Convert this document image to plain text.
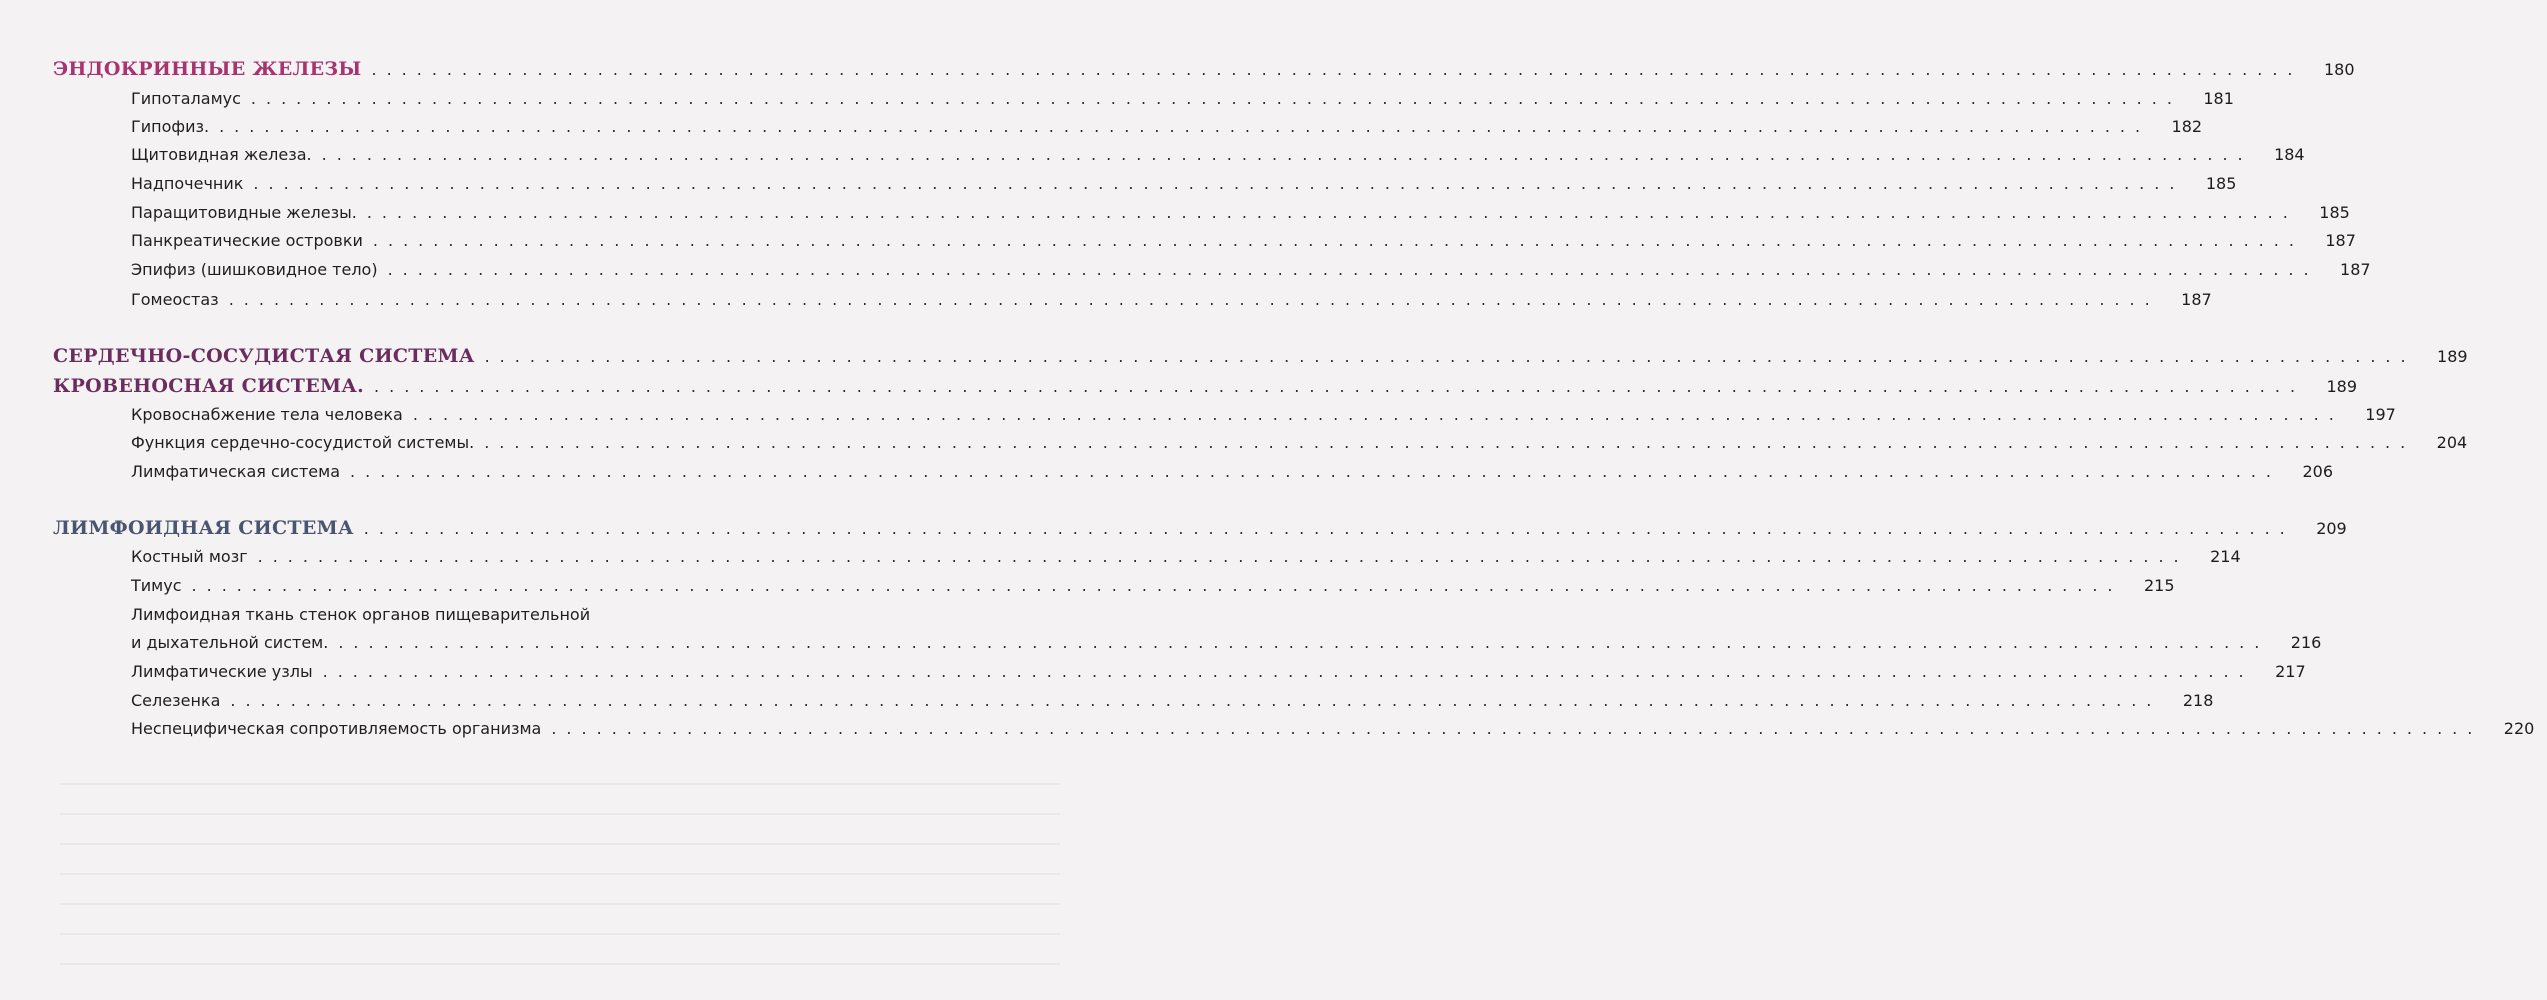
ЭНДОКРИННЫЕ ЖЕЛЕЗЫ ................................................................................................................................	180
Гипоталамус ................................................................................................................................	181
Гипофиз. ................................................................................................................................	182
Щитовидная железа. ................................................................................................................................	184
Надпочечник ................................................................................................................................	185
Паращитовидные железы. ................................................................................................................................	185
Панкреатические островки ................................................................................................................................	187
Эпифиз (шишковидное тело) ................................................................................................................................	187
Гомеостаз ................................................................................................................................	187
СЕРДЕЧНО-СОСУДИСТАЯ СИСТЕМА ................................................................................................................................	189
КРОВЕНОСНАЯ СИСТЕМА. ................................................................................................................................	189
Кровоснабжение тела человека ................................................................................................................................	197
Функция сердечно-сосудистой системы. ................................................................................................................................	204
Лимфатическая система ................................................................................................................................	206
ЛИМФОИДНАЯ СИСТЕМА ................................................................................................................................	209
Костный мозг ................................................................................................................................	214
Тимус ................................................................................................................................	215
Лимфоидная ткань стенок органов пищеварительной
и дыхательной систем. ................................................................................................................................	216
Лимфатические узлы ................................................................................................................................	217
Селезенка ................................................................................................................................	218
Неспецифическая сопротивляемость организма ................................................................................................................................	220
